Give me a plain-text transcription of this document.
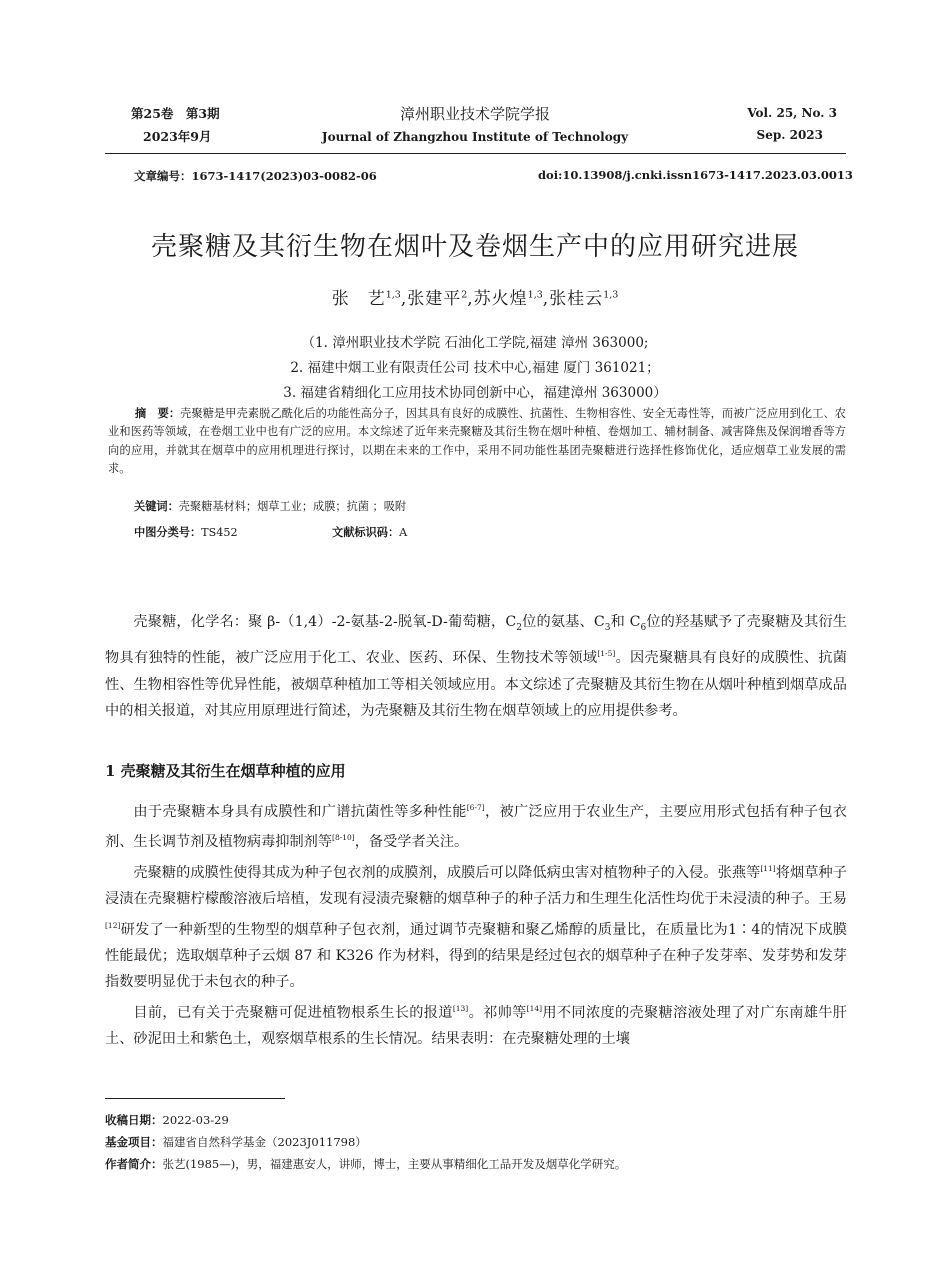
第25卷　第3期
2023年9月
漳州职业技术学院学报
Journal of Zhangzhou Institute of Technology
Vol. 25, No. 3
Sep. 2023
文章编号：1673-1417(2023)03-0082-06	doi:10.13908/j.cnki.issn1673-1417.2023.03.0013
壳聚糖及其衍生物在烟叶及卷烟生产中的应用研究进展
张　艺$^{1,3}$,张建平$^2$,苏火煌$^{1,3}$,张桂云$^{1,3}$
（1. 漳州职业技术学院 石油化工学院,福建 漳州 363000;
2. 福建中烟工业有限责任公司 技术中心,福建 厦门 361021；
3. 福建省精细化工应用技术协同创新中心，福建漳州 363000）
摘　要：壳聚糖是甲壳素脱乙酰化后的功能性高分子，因其具有良好的成膜性、抗菌性、生物相容性、安全无毒性等，而被广泛应用到化工、农业和医药等领域，在卷烟工业中也有广泛的应用。本文综述了近年来壳聚糖及其衍生物在烟叶种植、卷烟加工、辅材制备、减害降焦及保润增香等方向的应用，并就其在烟草中的应用机理进行探讨，以期在未来的工作中，采用不同功能性基团壳聚糖进行选择性修饰优化，适应烟草工业发展的需求。
关键词：壳聚糖基材料；烟草工业；成膜；抗菌 ；吸附
中图分类号：TS452	文献标识码：A

壳聚糖，化学名：聚 β-（1,4）-2-氨基-2-脱氧-D-葡萄糖，$C_2$位的氨基、$C_3$和 $C_6$位的羟基赋予了壳聚糖及其衍生物具有独特的性能，被广泛应用于化工、农业、医药、环保、生物技术等领域[1-5]。因壳聚糖具有良好的成膜性、抗菌性、生物相容性等优异性能，被烟草种植加工等相关领域应用。本文综述了壳聚糖及其衍生物在从烟叶种植到烟草成品中的相关报道，对其应用原理进行简述，为壳聚糖及其衍生物在烟草领域上的应用提供参考。

1 壳聚糖及其衍生在烟草种植的应用

由于壳聚糖本身具有成膜性和广谱抗菌性等多种性能[6-7]，被广泛应用于农业生产，主要应用形式包括有种子包衣剂、生长调节剂及植物病毒抑制剂等[8-10]，备受学者关注。

壳聚糖的成膜性使得其成为种子包衣剂的成膜剂，成膜后可以降低病虫害对植物种子的入侵。张燕等[11]将烟草种子浸渍在壳聚糖柠檬酸溶液后培植，发现有浸渍壳聚糖的烟草种子的种子活力和生理生化活性均优于未浸渍的种子。王易[12]研发了一种新型的生物型的烟草种子包衣剂，通过调节壳聚糖和聚乙烯醇的质量比，在质量比为1∶4的情况下成膜性能最优；选取烟草种子云烟 87 和 K326 作为材料，得到的结果是经过包衣的烟草种子在种子发芽率、发芽势和发芽指数要明显优于未包衣的种子。

目前，已有关于壳聚糖可促进植物根系生长的报道[13]。祁帅等[14]用不同浓度的壳聚糖溶液处理了对广东南雄牛肝土、砂泥田土和紫色土，观察烟草根系的生长情况。结果表明：在壳聚糖处理的土壤

收稿日期：2022-03-29
基金项目：福建省自然科学基金（2023J011798）
作者简介：张艺(1985—)，男，福建惠安人，讲师，博士，主要从事精细化工品开发及烟草化学研究。
